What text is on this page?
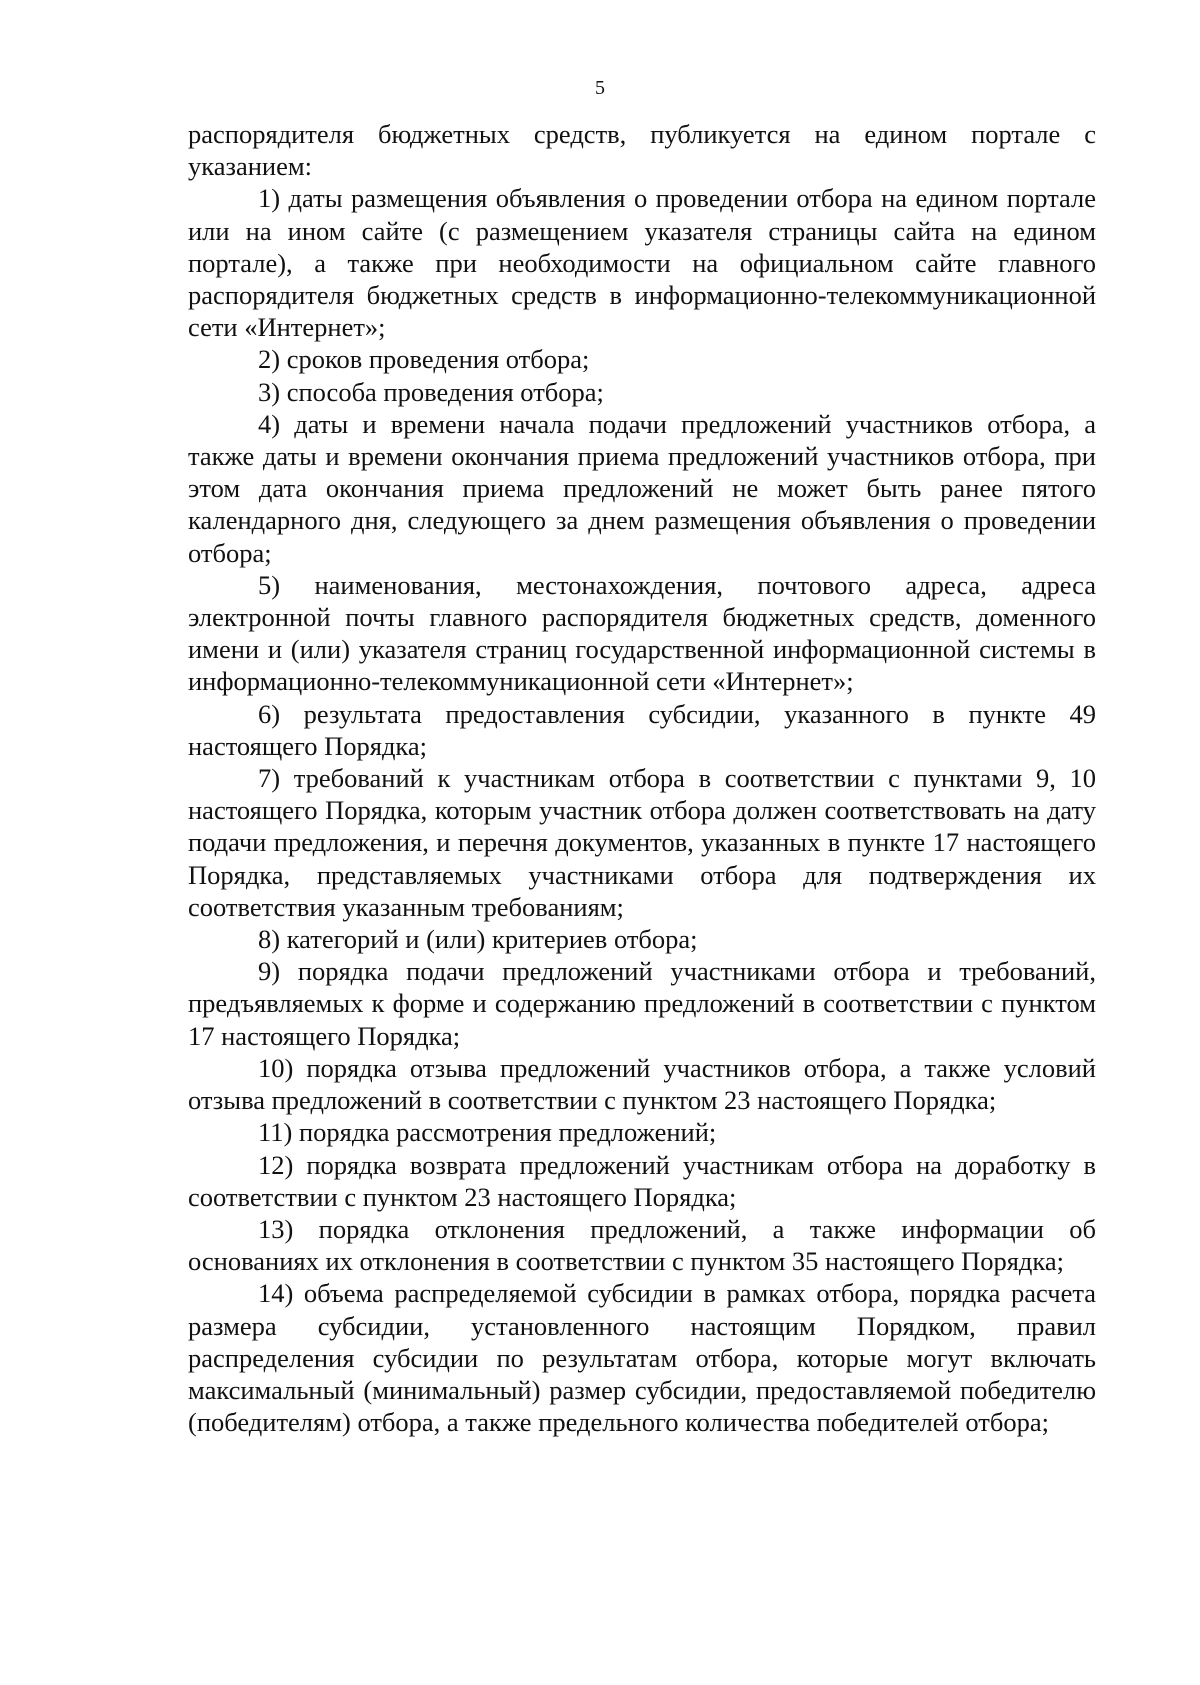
5

распорядителя бюджетных средств, публикуется на едином портале с указанием:

1) даты размещения объявления о проведении отбора на едином портале или на ином сайте (с размещением указателя страницы сайта на едином портале), а также при необходимости на официальном сайте главного распорядителя бюджетных средств в информационно-телекоммуникационной сети «Интернет»;

2) сроков проведения отбора;

3) способа проведения отбора;

4) даты и времени начала подачи предложений участников отбора, а также даты и времени окончания приема предложений участников отбора, при этом дата окончания приема предложений не может быть ранее пятого календарного дня, следующего за днем размещения объявления о проведении отбора;

5) наименования, местонахождения, почтового адреса, адреса электронной почты главного распорядителя бюджетных средств, доменного имени и (или) указателя страниц государственной информационной системы в информационно-телекоммуникационной сети «Интернет»;

6) результата предоставления субсидии, указанного в пункте 49 настоящего Порядка;

7) требований к участникам отбора в соответствии с пунктами 9, 10 настоящего Порядка, которым участник отбора должен соответствовать на дату подачи предложения, и перечня документов, указанных в пункте 17 настоящего Порядка, представляемых участниками отбора для подтверждения их соответствия указанным требованиям;

8) категорий и (или) критериев отбора;

9) порядка подачи предложений участниками отбора и требований, предъявляемых к форме и содержанию предложений в соответствии с пунктом 17 настоящего Порядка;

10) порядка отзыва предложений участников отбора, а также условий отзыва предложений в соответствии с пунктом 23 настоящего Порядка;

11) порядка рассмотрения предложений;

12) порядка возврата предложений участникам отбора на доработку в соответствии с пунктом 23 настоящего Порядка;

13) порядка отклонения предложений, а также информации об основаниях их отклонения в соответствии с пунктом 35 настоящего Порядка;

14) объема распределяемой субсидии в рамках отбора, порядка расчета размера субсидии, установленного настоящим Порядком, правил распределения субсидии по результатам отбора, которые могут включать максимальный (минимальный) размер субсидии, предоставляемой победителю (победителям) отбора, а также предельного количества победителей отбора;
